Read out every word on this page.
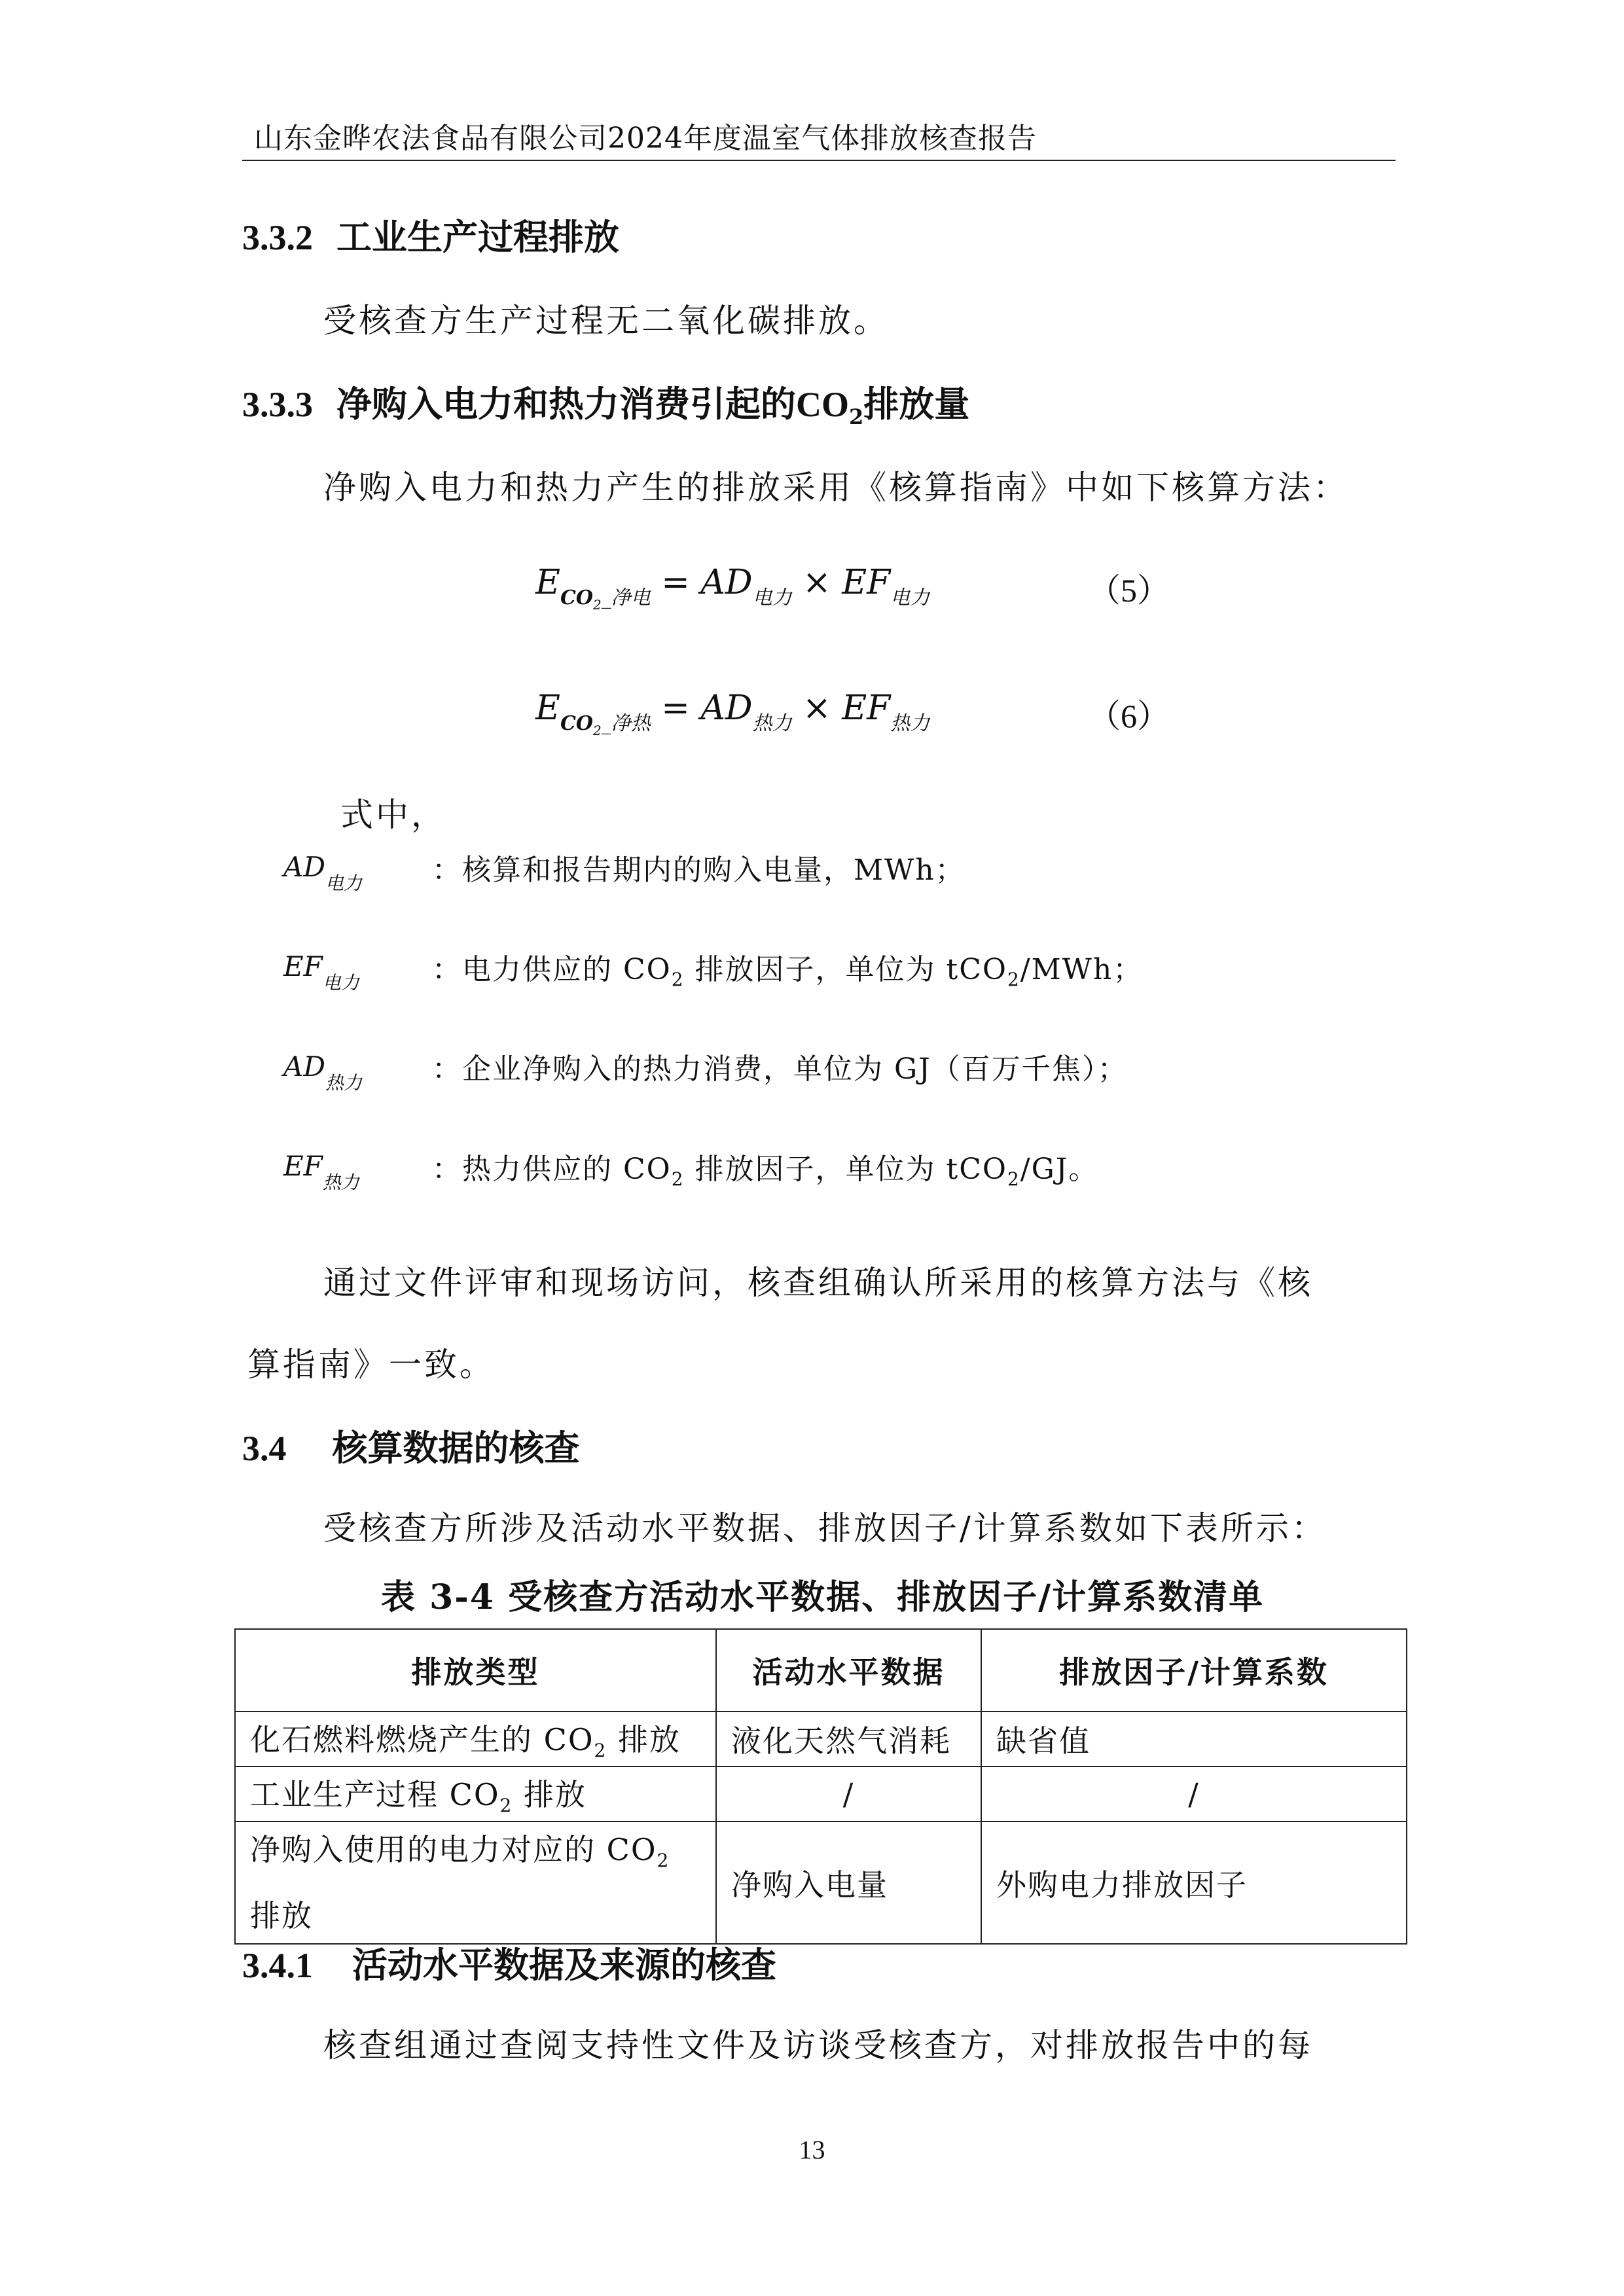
山东金晔农法食品有限公司2024年度温室气体排放核查报告
3.3.2 工业生产过程排放
受核查方生产过程无二氧化碳排放。
3.3.3 净购入电力和热力消费引起的$CO_2$排放量
净购入电力和热力产生的排放采用《核算指南》中如下核算方法：
$E_{CO_2\_净电} = AD_{电力} \times EF_{电力}$	（5）
$E_{CO_2\_净热} = AD_{热力} \times EF_{热力}$	（6）
式中，
$AD_{电力}$ ：核算和报告期内的购入电量，MWh；
$EF_{电力}$	：电力供应的 $CO_2$ 排放因子，单位为 tCO$_2$/MWh；
$AD_{热力}$ ：企业净购入的热力消费，单位为 GJ（百万千焦）；
$EF_{热力}$	：热力供应的 $CO_2$ 排放因子，单位为 tCO$_2$/GJ。
通过文件评审和现场访问，核查组确认所采用的核算方法与《核
算指南》一致。
3.4 核算数据的核查
受核查方所涉及活动水平数据、排放因子/计算系数如下表所示：
表 3-4 受核查方活动水平数据、排放因子/计算系数清单
排放类型	活动水平数据	排放因子/计算系数
化石燃料燃烧产生的 $CO_2$ 排放	液化天然气消耗	缺省值
工业生产过程 $CO_2$ 排放	/	/
净购入使用的电力对应的 $CO_2$
排放	净购入电量	外购电力排放因子
3.4.1 活动水平数据及来源的核查
核查组通过查阅支持性文件及访谈受核查方，对排放报告中的每
13
